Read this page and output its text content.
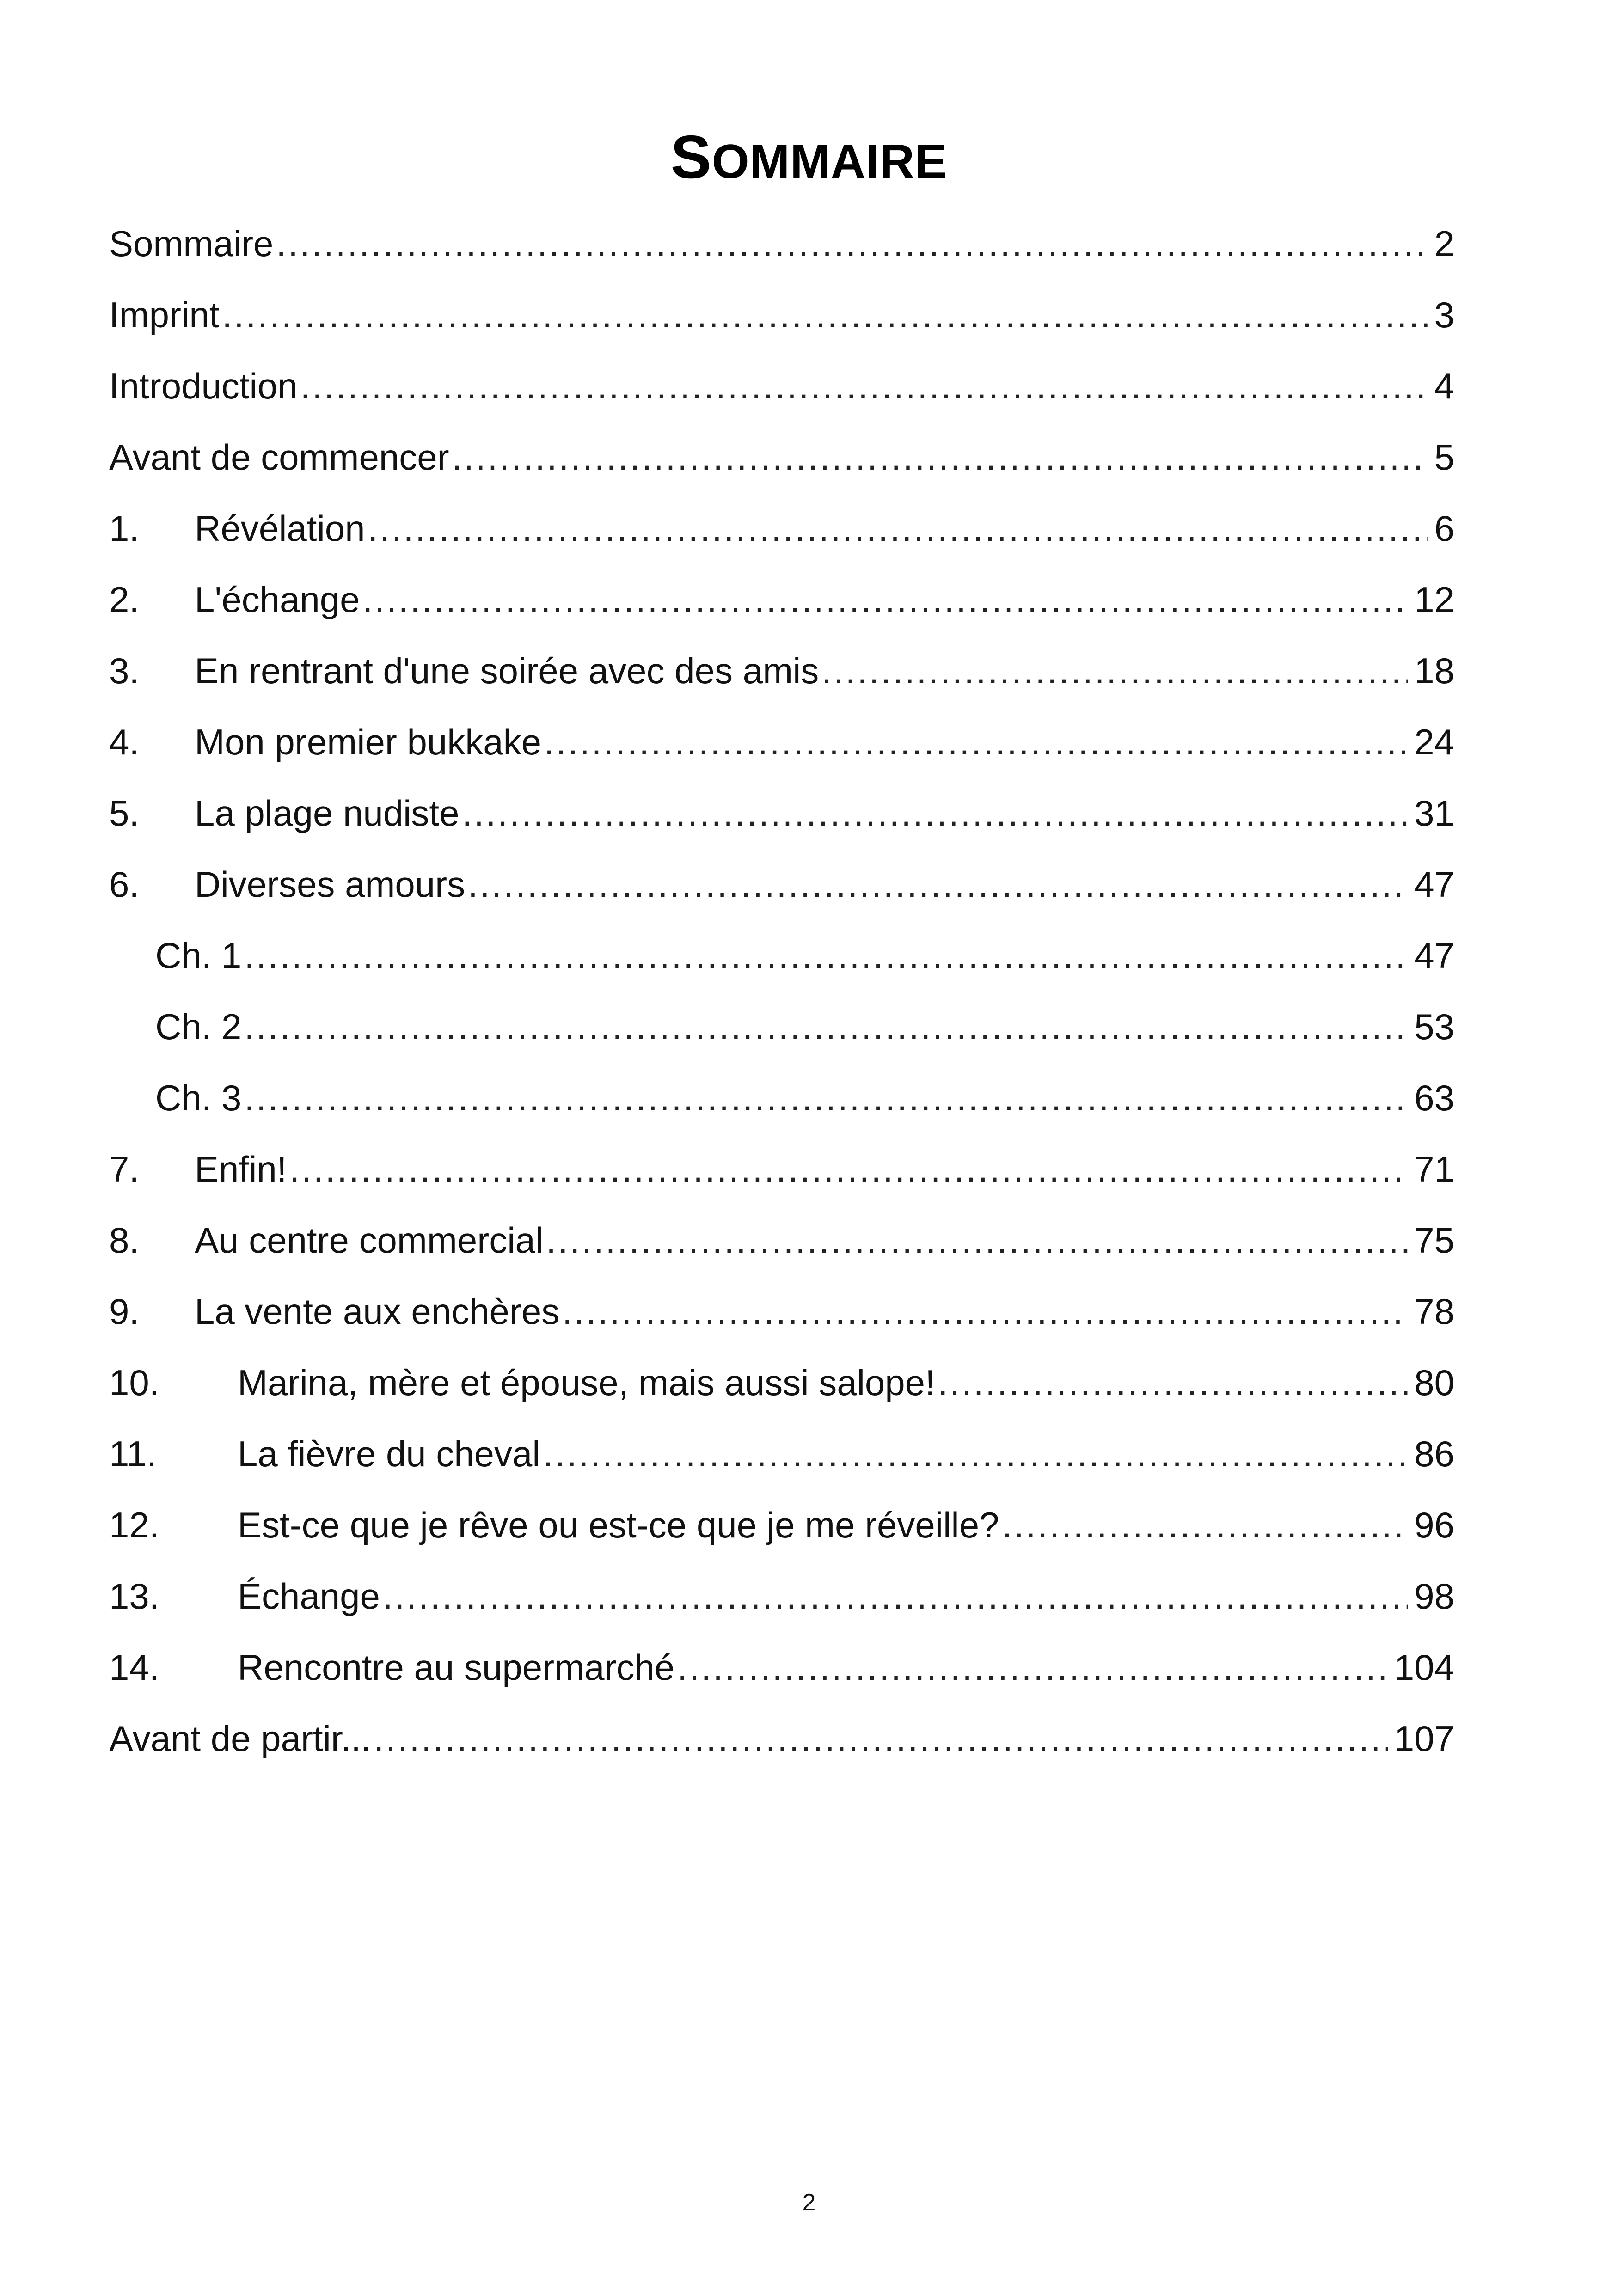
SOMMAIRE
Sommaire .....	2
Imprint .....	3
Introduction .....	4
Avant de commencer .....	5
1. Révélation .....	6
2. L'échange .....	12
3. En rentrant d'une soirée avec des amis .....	18
4. Mon premier bukkake .....	24
5. La plage nudiste .....	31
6. Diverses amours .....	47
Ch. 1 .....	47
Ch. 2 .....	53
Ch. 3 .....	63
7. Enfin! .....	71
8. Au centre commercial .....	75
9. La vente aux enchères .....	78
10. Marina, mère et épouse, mais aussi salope! .....	80
11. La fièvre du cheval .....	86
12. Est-ce que je rêve ou est-ce que je me réveille? .....	96
13. Échange .....	98
14. Rencontre au supermarché .....	104
Avant de partir... .....	107
2
